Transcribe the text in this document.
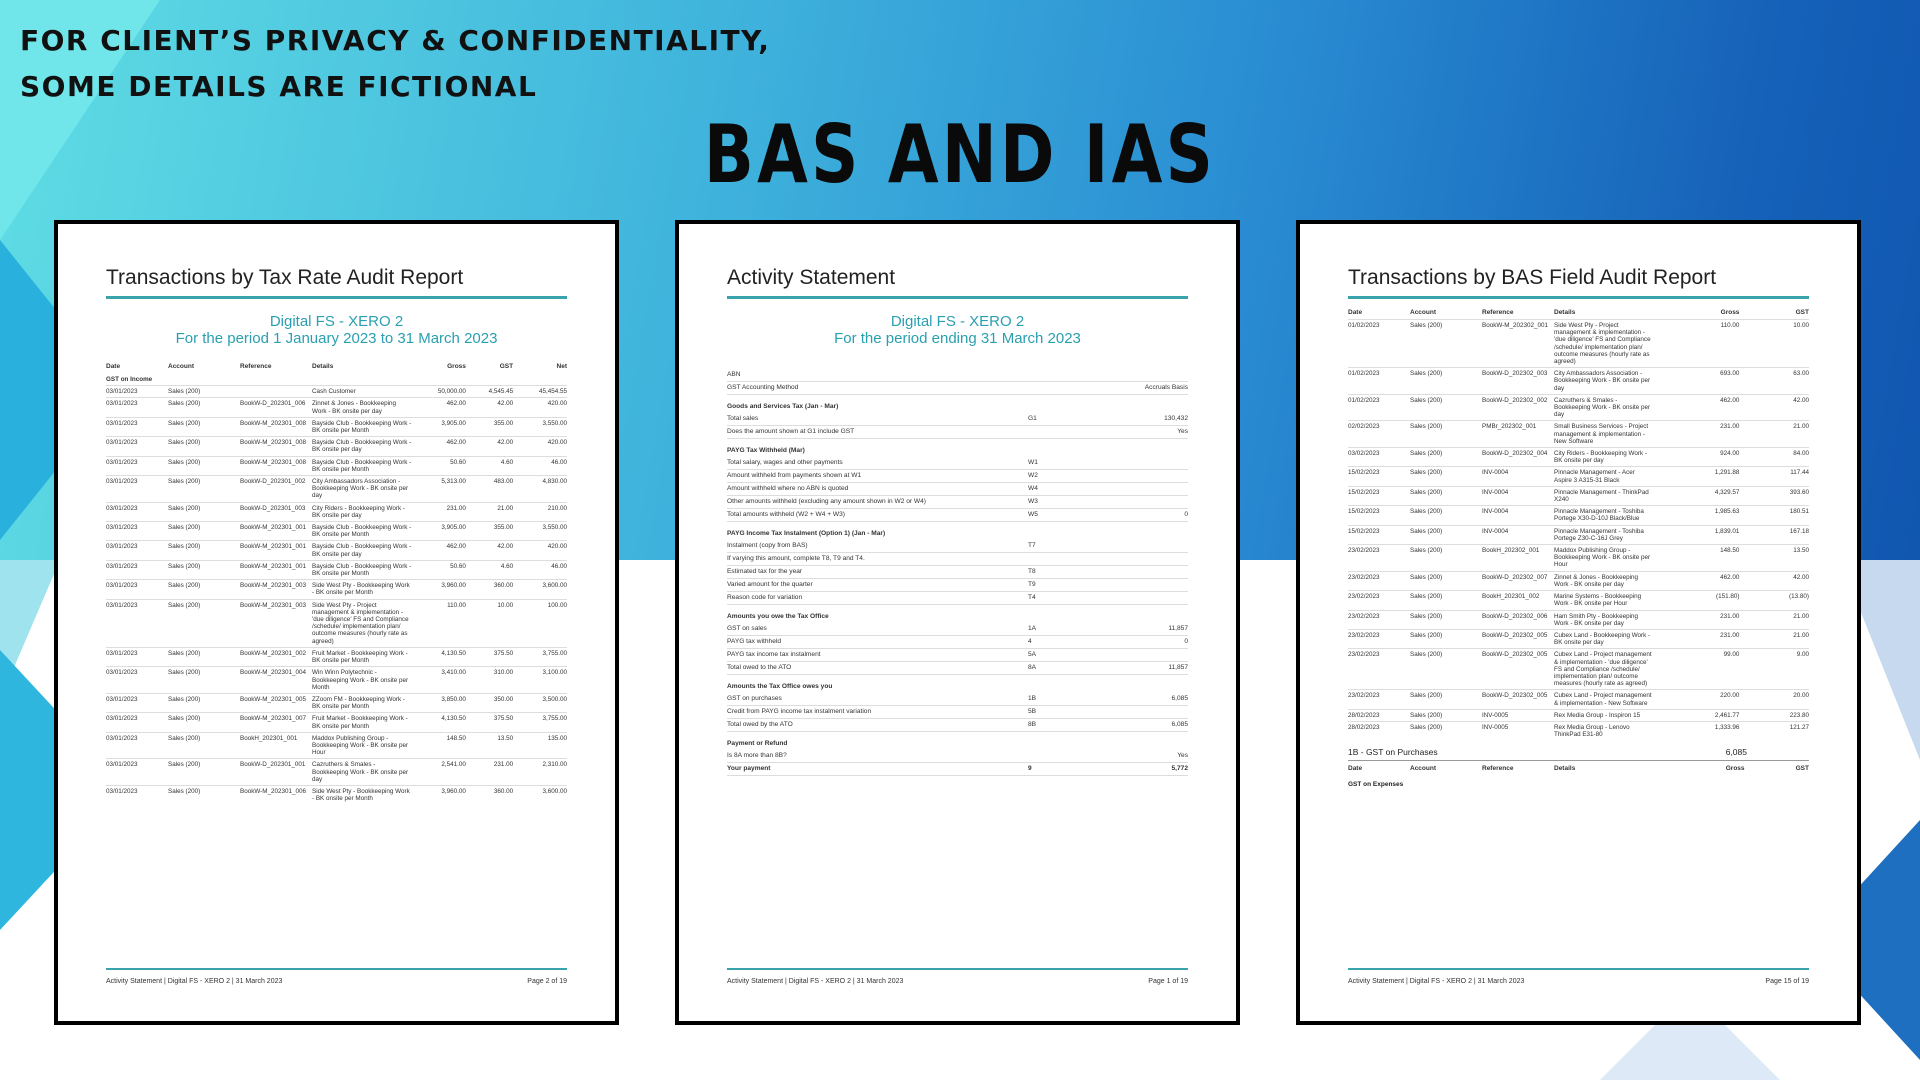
FOR CLIENT’S PRIVACY & CONFIDENTIALITY,
SOME DETAILS ARE FICTIONAL
BAS AND IAS
Transactions by Tax Rate Audit Report
Digital FS - XERO 2
For the period 1 January 2023 to 31 March 2023
Date	Account	Reference	Details	Gross	GST	Net
GST on Income						
03/01/2023	Sales (200)		Cash Customer	50,000.00	4,545.45	45,454.55
03/01/2023	Sales (200)	BookW-D_202301_006	Zinnet & Jones - Bookkeeping Work - BK onsite per day	462.00	42.00	420.00
03/01/2023	Sales (200)	BookW-M_202301_008	Bayside Club - Bookkeeping Work - BK onsite per Month	3,905.00	355.00	3,550.00
03/01/2023	Sales (200)	BookW-M_202301_008	Bayside Club - Bookkeeping Work - BK onsite per day	462.00	42.00	420.00
03/01/2023	Sales (200)	BookW-M_202301_008	Bayside Club - Bookkeeping Work - BK onsite per Month	50.60	4.60	46.00
03/01/2023	Sales (200)	BookW-D_202301_002	City Ambassadors Association - Bookkeeping Work - BK onsite per day	5,313.00	483.00	4,830.00
03/01/2023	Sales (200)	BookW-D_202301_003	City Riders - Bookkeeping Work - BK onsite per day	231.00	21.00	210.00
03/01/2023	Sales (200)	BookW-M_202301_001	Bayside Club - Bookkeeping Work - BK onsite per Month	3,905.00	355.00	3,550.00
03/01/2023	Sales (200)	BookW-M_202301_001	Bayside Club - Bookkeeping Work - BK onsite per day	462.00	42.00	420.00
03/01/2023	Sales (200)	BookW-M_202301_001	Bayside Club - Bookkeeping Work - BK onsite per Month	50.60	4.60	46.00
03/01/2023	Sales (200)	BookW-M_202301_003	Side West Pty - Bookkeeping Work - BK onsite per Month	3,960.00	360.00	3,600.00
03/01/2023	Sales (200)	BookW-M_202301_003	Side West Pty - Project management & implementation - 'due diligence' FS and Compliance /schedule/ implementation plan/ outcome measures (hourly rate as agreed)	110.00	10.00	100.00
03/01/2023	Sales (200)	BookW-M_202301_002	Fruit Market - Bookkeeping Work - BK onsite per Month	4,130.50	375.50	3,755.00
03/01/2023	Sales (200)	BookW-M_202301_004	Win Winn Polytechnic - Bookkeeping Work - BK onsite per Month	3,410.00	310.00	3,100.00
03/01/2023	Sales (200)	BookW-M_202301_005	ZZoom FM - Bookkeeping Work - BK onsite per Month	3,850.00	350.00	3,500.00
03/01/2023	Sales (200)	BookW-M_202301_007	Fruit Market - Bookkeeping Work - BK onsite per Month	4,130.50	375.50	3,755.00
03/01/2023	Sales (200)	BookH_202301_001	Maddox Publishing Group - Bookkeeping Work - BK onsite per Hour	148.50	13.50	135.00
03/01/2023	Sales (200)	BookW-D_202301_001	Cazruthers & Smales - Bookkeeping Work - BK onsite per day	2,541.00	231.00	2,310.00
03/01/2023	Sales (200)	BookW-M_202301_006	Side West Pty - Bookkeeping Work - BK onsite per Month	3,960.00	360.00	3,600.00
Activity Statement | Digital FS - XERO 2 | 31 March 2023	Page 2 of 19
Activity Statement
Digital FS - XERO 2
For the period ending 31 March 2023
ABN
GST Accounting Method	Accruals Basis
Goods and Services Tax (Jan - Mar)
Total sales	G1	130,432
Does the amount shown at G1 include GST	Yes
PAYG Tax Withheld (Mar)
Total salary, wages and other payments	W1
Amount withheld from payments shown at W1	W2
Amount withheld where no ABN is quoted	W4
Other amounts withheld (excluding any amount shown in W2 or W4)	W3
Total amounts withheld (W2 + W4 + W3)	W5	0
PAYG Income Tax Instalment (Option 1) (Jan - Mar)
Instalment (copy from BAS)	T7
If varying this amount, complete T8, T9 and T4.
Estimated tax for the year	T8
Varied amount for the quarter	T9
Reason code for variation	T4
Amounts you owe the Tax Office
GST on sales	1A	11,857
PAYG tax withheld	4	0
PAYG tax income tax instalment	5A
Total owed to the ATO	8A	11,857
Amounts the Tax Office owes you
GST on purchases	1B	6,085
Credit from PAYG income tax instalment variation	5B
Total owed by the ATO	8B	6,085
Payment or Refund
Is 8A more than 8B?	Yes
Your payment	9	5,772
Activity Statement | Digital FS - XERO 2 | 31 March 2023	Page 1 of 19
Transactions by BAS Field Audit Report
Date	Account	Reference	Details	Gross	GST
01/02/2023	Sales (200)	BookW-M_202302_001	Side West Pty - Project management & implementation - 'due diligence' FS and Compliance /schedule/ implementation plan/ outcome measures (hourly rate as agreed)	110.00	10.00
01/02/2023	Sales (200)	BookW-D_202302_003	City Ambassadors Association - Bookkeeping Work - BK onsite per day	693.00	63.00
01/02/2023	Sales (200)	BookW-D_202302_002	Cazruthers & Smales - Bookkeeping Work - BK onsite per day	462.00	42.00
02/02/2023	Sales (200)	PMBr_202302_001	Small Business Services - Project management & implementation - New Software	231.00	21.00
03/02/2023	Sales (200)	BookW-D_202302_004	City Riders - Bookkeeping Work - BK onsite per day	924.00	84.00
15/02/2023	Sales (200)	INV-0004	Pinnacle Management - Acer Aspire 3 A315-31 Black	1,291.88	117.44
15/02/2023	Sales (200)	INV-0004	Pinnacle Management - ThinkPad X240	4,329.57	393.60
15/02/2023	Sales (200)	INV-0004	Pinnacle Management - Toshiba Portege X30-D-10J Black/Blue	1,985.63	180.51
15/02/2023	Sales (200)	INV-0004	Pinnacle Management - Toshiba Portege Z30-C-16J Grey	1,839.01	167.18
23/02/2023	Sales (200)	BookH_202302_001	Maddox Publishing Group - Bookkeeping Work - BK onsite per Hour	148.50	13.50
23/02/2023	Sales (200)	BookW-D_202302_007	Zinnet & Jones - Bookkeeping Work - BK onsite per day	462.00	42.00
23/02/2023	Sales (200)	BookH_202301_002	Marine Systems - Bookkeeping Work - BK onsite per Hour	(151.80)	(13.80)
23/02/2023	Sales (200)	BookW-D_202302_006	Ham Smith Pty - Bookkeeping Work - BK onsite per day	231.00	21.00
23/02/2023	Sales (200)	BookW-D_202302_005	Cubex Land - Bookkeeping Work - BK onsite per day	231.00	21.00
23/02/2023	Sales (200)	BookW-D_202302_005	Cubex Land - Project management & implementation - 'due diligence' FS and Compliance /schedule/ implementation plan/ outcome measures (hourly rate as agreed)	99.00	9.00
23/02/2023	Sales (200)	BookW-D_202302_005	Cubex Land - Project management & implementation - New Software	220.00	20.00
28/02/2023	Sales (200)	INV-0005	Rex Media Group - Inspiron 15	2,461.77	223.80
28/02/2023	Sales (200)	INV-0005	Rex Media Group - Lenovo ThinkPad E31-80	1,333.96	121.27
1B - GST on Purchases	6,085
Date	Account	Reference	Details	Gross	GST
GST on Expenses
Activity Statement | Digital FS - XERO 2 | 31 March 2023	Page 15 of 19
